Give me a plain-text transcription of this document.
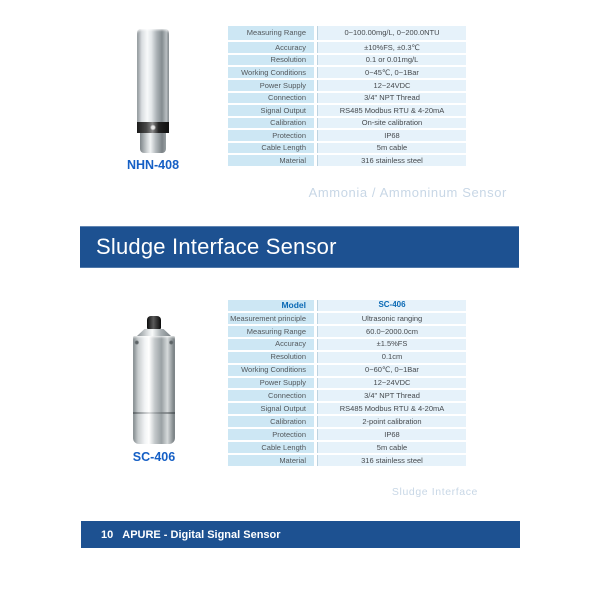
NHN-408
Measuring Range	0~100.00mg/L, 0~200.0NTU
Accuracy	±10%FS, ±0.3℃
Resolution	0.1 or 0.01mg/L
Working Conditions	0~45℃, 0~1Bar
Power Supply	12~24VDC
Connection	3/4" NPT Thread
Signal Output	RS485 Modbus RTU & 4-20mA
Calibration	On-site calibration
Protection	IP68
Cable Length	5m cable
Material	316 stainless steel
Ammonia / Ammoninum Sensor
Sludge Interface Sensor
SC-406
Model	SC-406
Measurement principle	Ultrasonic ranging
Measuring Range	60.0~2000.0cm
Accuracy	±1.5%FS
Resolution	0.1cm
Working Conditions	0~60℃, 0~1Bar
Power Supply	12~24VDC
Connection	3/4" NPT Thread
Signal Output	RS485 Modbus RTU & 4-20mA
Calibration	2-point calibration
Protection	IP68
Cable Length	5m cable
Material	316 stainless steel
Sludge Interface
10 APURE - Digital Signal Sensor
